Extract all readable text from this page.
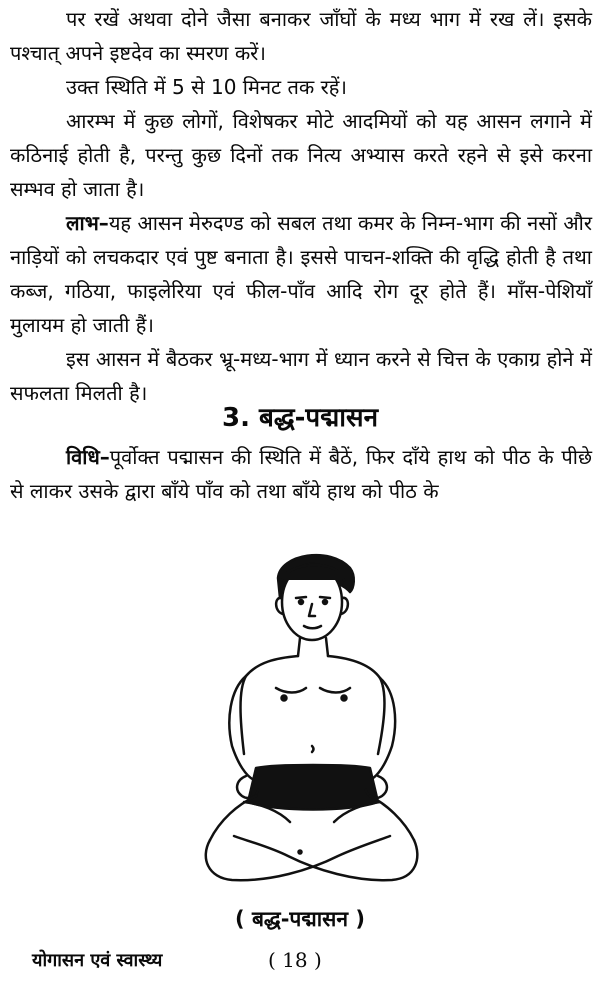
पर रखें अथवा दोने जैसा बनाकर जाँघों के मध्य भाग में रख लें। इसके पश्चात् अपने इष्टदेव का स्मरण करें।

उक्त स्थिति में 5 से 10 मिनट तक रहें।

आरम्भ में कुछ लोगों, विशेषकर मोटे आदमियों को यह आसन लगाने में कठिनाई होती है, परन्तु कुछ दिनों तक नित्य अभ्यास करते रहने से इसे करना सम्भव हो जाता है।

लाभ–यह आसन मेरुदण्ड को सबल तथा कमर के निम्न-भाग की नसों और नाड़ियों को लचकदार एवं पुष्ट बनाता है। इससे पाचन-शक्ति की वृद्धि होती है तथा कब्ज, गठिया, फाइलेरिया एवं फील-पाँव आदि रोग दूर होते हैं। माँस-पेशियाँ मुलायम हो जाती हैं।

इस आसन में बैठकर भ्रू-मध्य-भाग में ध्यान करने से चित्त के एकाग्र होने में सफलता मिलती है।

3. बद्ध-पद्मासन

विधि–पूर्वोक्त पद्मासन की स्थिति में बैठें, फिर दाँये हाथ को पीठ के पीछे से लाकर उसके द्वारा बाँये पाँव को तथा बाँये हाथ को पीठ के

( बद्ध-पद्मासन )
योगासन एवं स्वास्थ्य	( 18 )
